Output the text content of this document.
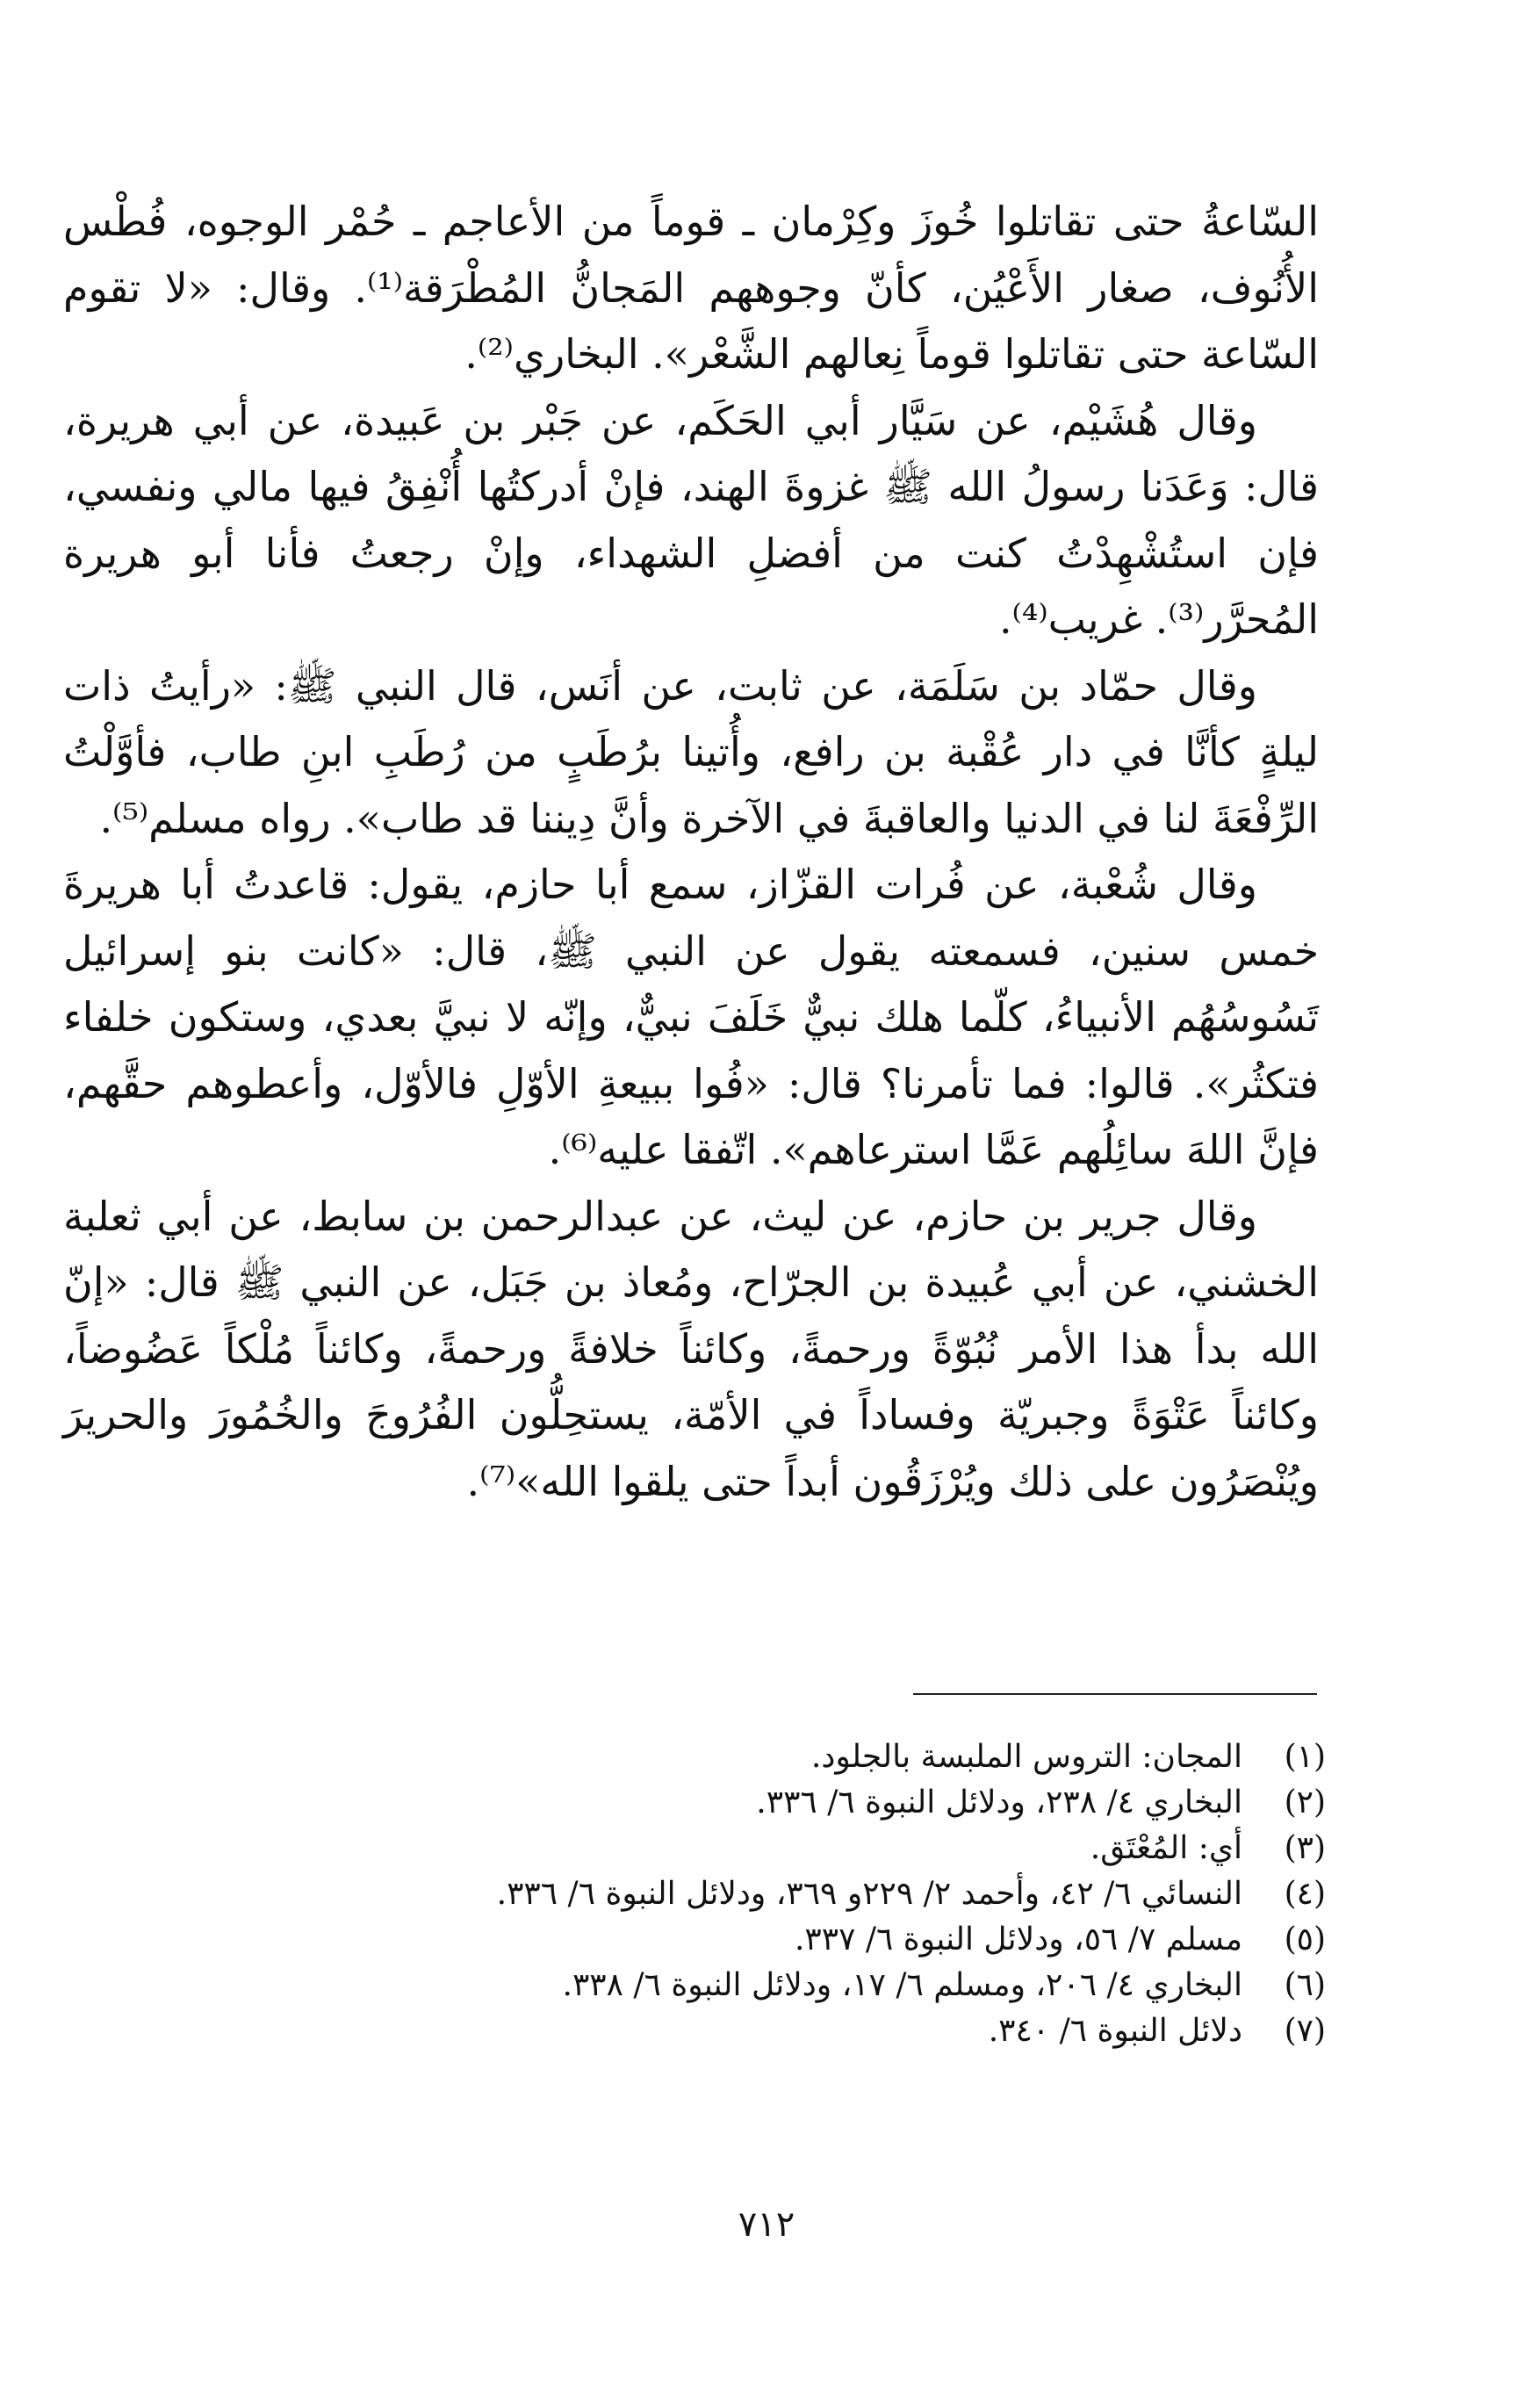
السّاعةُ حتى تقاتلوا خُوزَ وكِرْمان ـ قوماً من الأعاجم ـ حُمْر الوجوه، فُطْس الأُنُوف، صغار الأَعْيُن، كأنّ وجوههم المَجانُّ المُطْرَقة⁽¹⁾. وقال: «لا تقوم السّاعة حتى تقاتلوا قوماً نِعالهم الشَّعْر». البخاري⁽²⁾.

وقال هُشَيْم، عن سَيَّار أبي الحَكَم، عن جَبْر بن عَبيدة، عن أبي هريرة، قال: وَعَدَنا رسولُ الله ﷺ غزوةَ الهند، فإنْ أدركتُها أُنْفِقُ فيها مالي ونفسي، فإن استُشْهِدْتُ كنت من أفضلِ الشهداء، وإنْ رجعتُ فأنا أبو هريرة المُحرَّر⁽³⁾. غريب⁽⁴⁾.

وقال حمّاد بن سَلَمَة، عن ثابت، عن أنَس، قال النبي ﷺ: «رأيتُ ذات ليلةٍ كأنَّا في دار عُقْبة بن رافع، وأُتينا برُطَبٍ من رُطَبِ ابنِ طاب، فأوَّلْتُ الرِّفْعَةَ لنا في الدنيا والعاقبةَ في الآخرة وأنَّ دِيننا قد طاب». رواه مسلم⁽⁵⁾.

وقال شُعْبة، عن فُرات القزّاز، سمع أبا حازم، يقول: قاعدتُ أبا هريرةَ خمس سنين، فسمعته يقول عن النبي ﷺ، قال: «كانت بنو إسرائيل تَسُوسُهُم الأنبياءُ، كلّما هلك نبيٌّ خَلَفَ نبيٌّ، وإنّه لا نبيَّ بعدي، وستكون خلفاء فتكثُر». قالوا: فما تأمرنا؟ قال: «فُوا ببيعةِ الأوّلِ فالأوّل، وأعطوهم حقَّهم، فإنَّ اللهَ سائِلُهم عَمَّا استرعاهم». اتّفقا عليه⁽⁶⁾.

وقال جرير بن حازم، عن ليث، عن عبدالرحمن بن سابط، عن أبي ثعلبة الخشني، عن أبي عُبيدة بن الجرّاح، ومُعاذ بن جَبَل، عن النبي ﷺ قال: «إنّ الله بدأ هذا الأمر نُبُوّةً ورحمةً، وكائناً خلافةً ورحمةً، وكائناً مُلْكاً عَضُوضاً، وكائناً عَتْوَةً وجبريّة وفساداً في الأمّة، يستحِلُّون الفُرُوجَ والخُمُورَ والحريرَ ويُنْصَرُون على ذلك ويُرْزَقُون أبداً حتى يلقوا الله»⁽⁷⁾.

(١)
المجان: التروس الملبسة بالجلود.
(٢)
البخاري ٤/ ٢٣٨، ودلائل النبوة ٦/ ٣٣٦.
(٣)
أي: المُعْتَق.
(٤)
النسائي ٦/ ٤٢، وأحمد ٢/ ٢٢٩و ٣٦٩، ودلائل النبوة ٦/ ٣٣٦.
(٥)
مسلم ٧/ ٥٦، ودلائل النبوة ٦/ ٣٣٧.
(٦)
البخاري ٤/ ٢٠٦، ومسلم ٦/ ١٧، ودلائل النبوة ٦/ ٣٣٨.
(٧)
دلائل النبوة ٦/ ٣٤٠.
٧١٢
